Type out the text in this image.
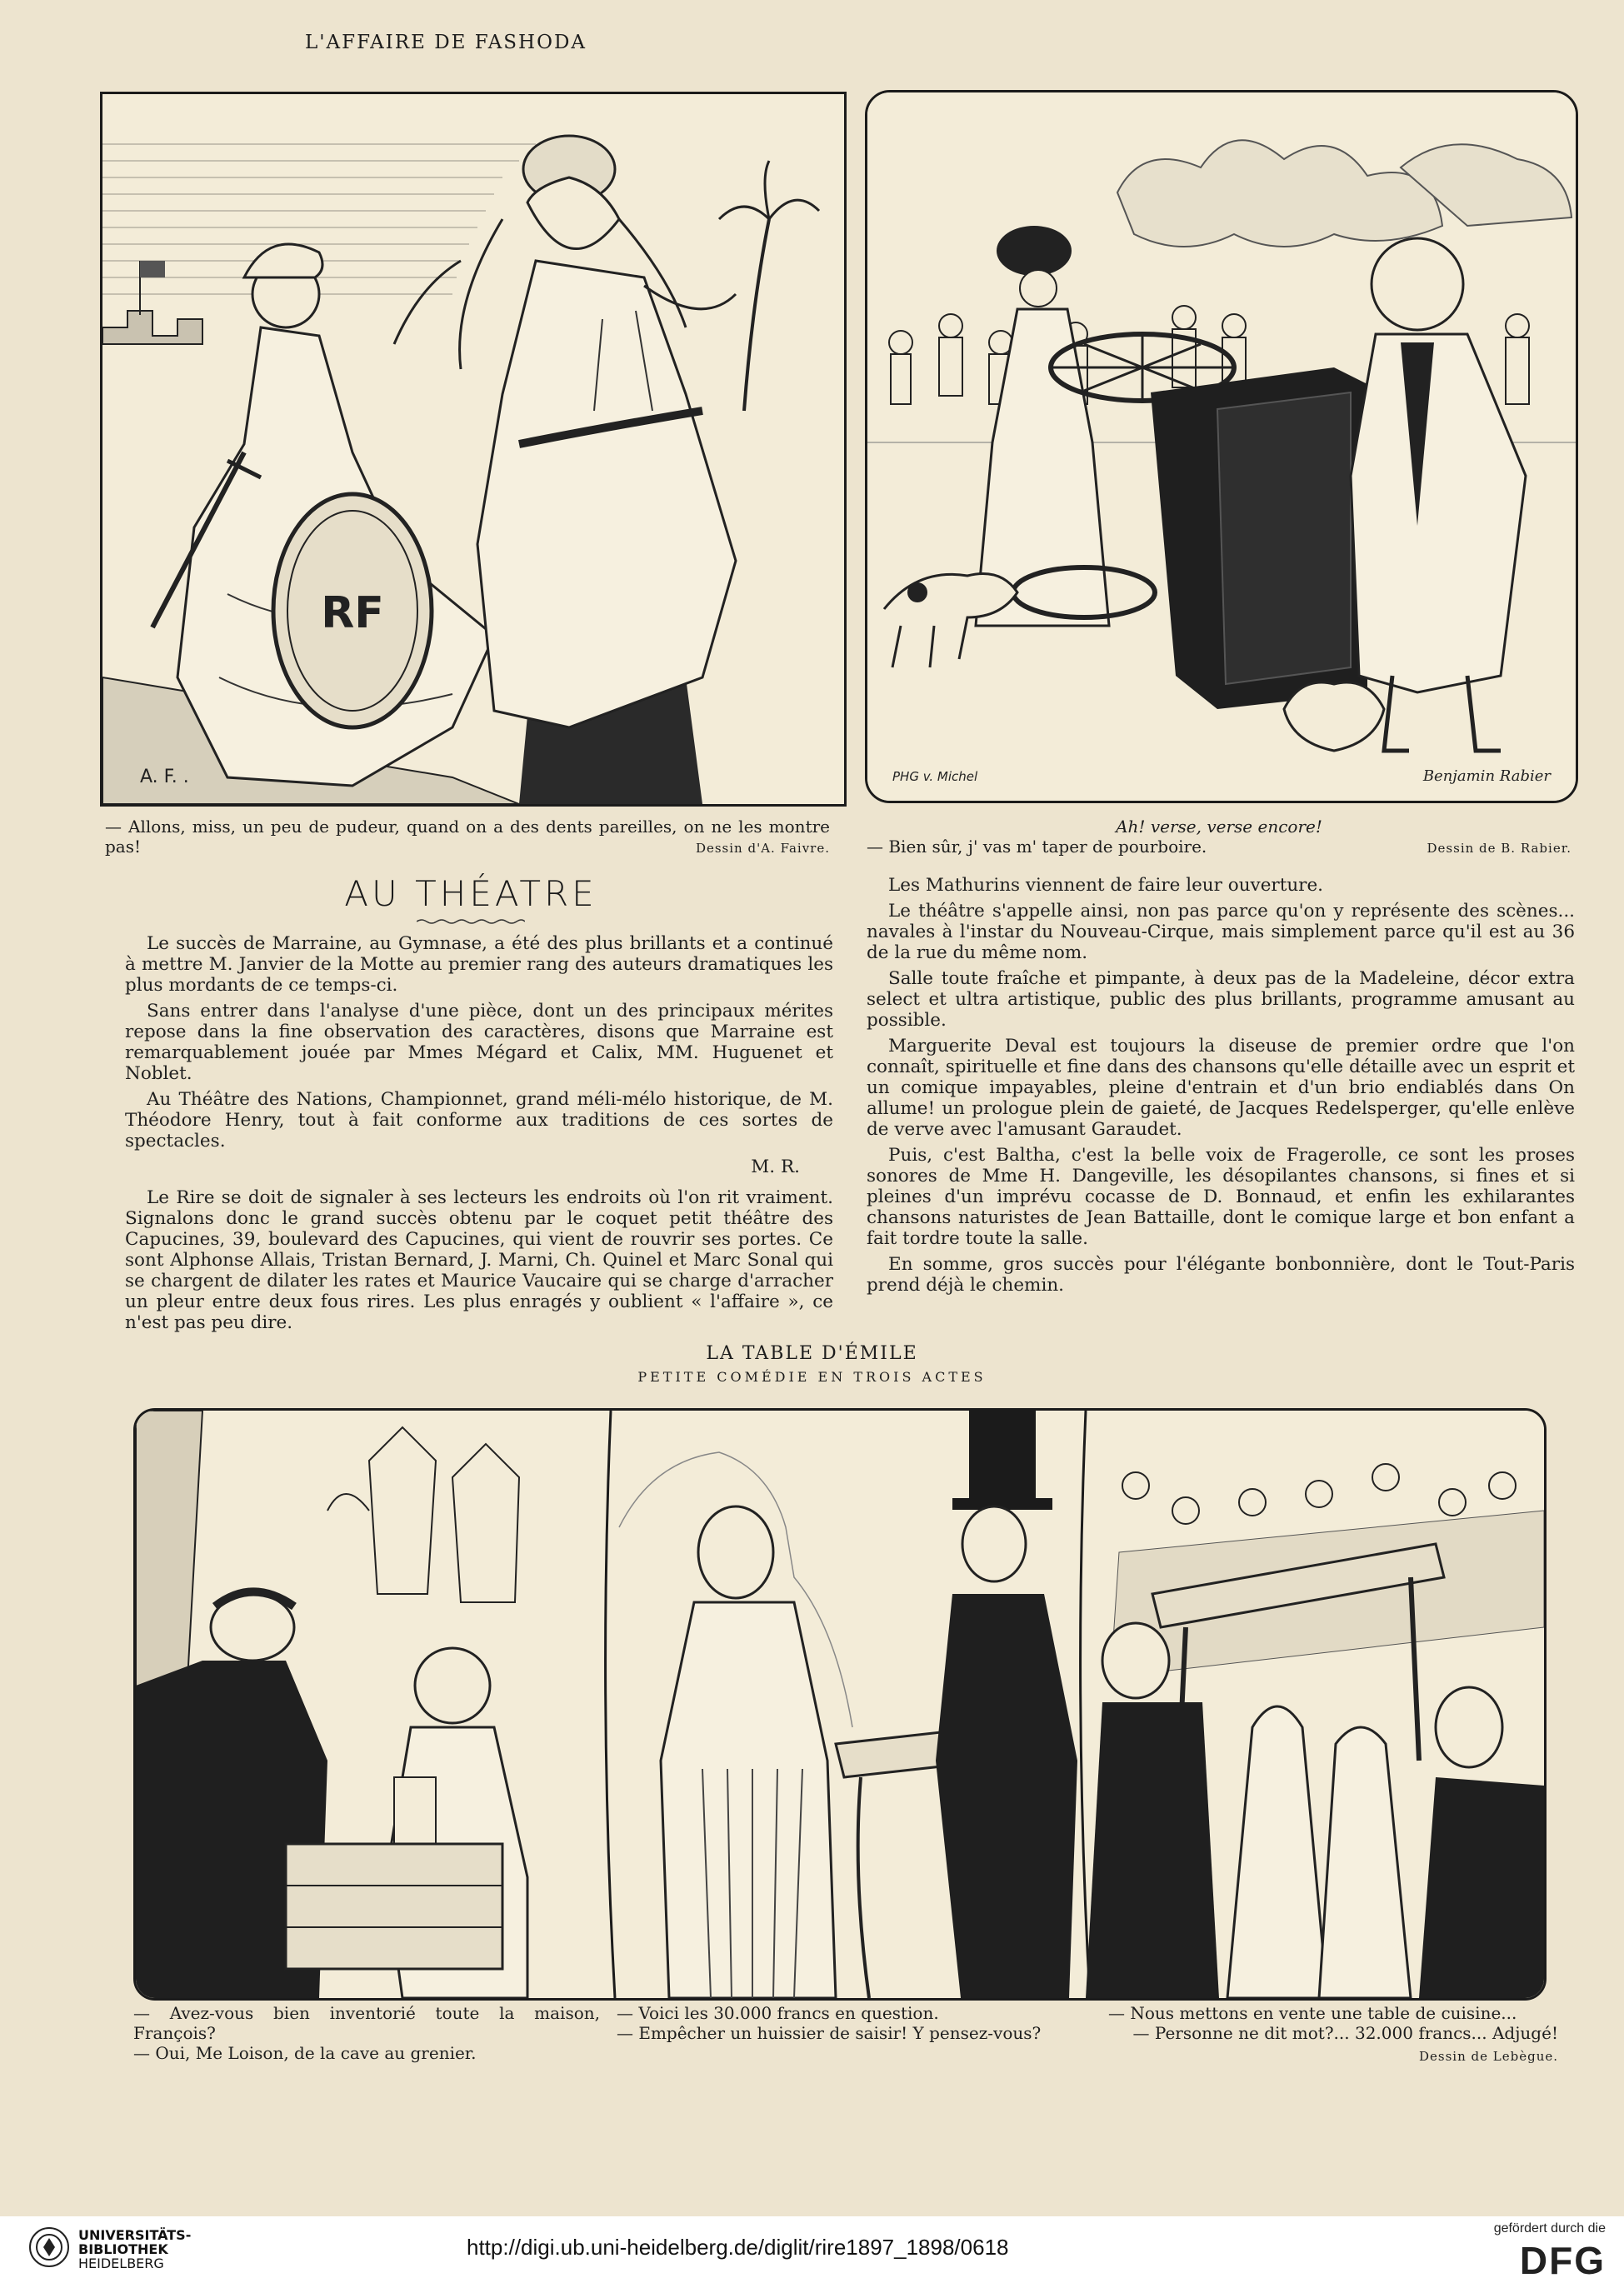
L'AFFAIRE DE FASHODA
RF
A. F. .	PHG v. Michel	Benjamin Rabier
— Allons, miss, un peu de pudeur, quand on a des dents pareilles, on ne les montre pas!	Dessin d'A. Faivre.
Ah! verse, verse encore!
— Bien sûr, j' vas m' taper de pourboire.	Dessin de B. Rabier.
AU THÉATRE

Le succès de Marraine, au Gymnase, a été des plus brillants et a continué à mettre M. Janvier de la Motte au premier rang des auteurs dramatiques les plus mordants de ce temps-ci.

Sans entrer dans l'analyse d'une pièce, dont un des principaux mérites repose dans la fine observation des caractères, disons que Marraine est remarquablement jouée par Mmes Mégard et Calix, MM. Huguenet et Noblet.

Au Théâtre des Nations, Championnet, grand méli-mélo historique, de M. Théodore Henry, tout à fait conforme aux traditions de ces sortes de spectacles.

M. R.

Le Rire se doit de signaler à ses lecteurs les endroits où l'on rit vraiment. Signalons donc le grand succès obtenu par le coquet petit théâtre des Capucines, 39, boulevard des Capucines, qui vient de rouvrir ses portes. Ce sont Alphonse Allais, Tristan Bernard, J. Marni, Ch. Quinel et Marc Sonal qui se chargent de dilater les rates et Maurice Vaucaire qui se charge d'arracher un pleur entre deux fous rires. Les plus enragés y oublient « l'affaire », ce n'est pas peu dire.

Les Mathurins viennent de faire leur ouverture.

Le théâtre s'appelle ainsi, non pas parce qu'on y représente des scènes... navales à l'instar du Nouveau-Cirque, mais simplement parce qu'il est au 36 de la rue du même nom.

Salle toute fraîche et pimpante, à deux pas de la Madeleine, décor extra select et ultra artistique, public des plus brillants, programme amusant au possible.

Marguerite Deval est toujours la diseuse de premier ordre que l'on connaît, spirituelle et fine dans des chansons qu'elle détaille avec un esprit et un comique impayables, pleine d'entrain et d'un brio endiablés dans On allume! un prologue plein de gaieté, de Jacques Redelsperger, qu'elle enlève de verve avec l'amusant Garaudet.

Puis, c'est Baltha, c'est la belle voix de Fragerolle, ce sont les proses sonores de Mme H. Dangeville, les désopilantes chansons, si fines et si pleines d'un imprévu cocasse de D. Bonnaud, et enfin les exhilarantes chansons naturistes de Jean Battaille, dont le comique large et bon enfant a fait tordre toute la salle.

En somme, gros succès pour l'élégante bonbonnière, dont le Tout-Paris prend déjà le chemin.

LA TABLE D'ÉMILE
PETITE COMÉDIE EN TROIS ACTES
— Avez-vous bien inventorié toute la maison, François?
— Oui, Me Loison, de la cave au grenier.
— Voici les 30.000 francs en question.
— Empêcher un huissier de saisir! Y pensez-vous?
— Nous mettons en vente une table de cuisine...
— Personne ne dit mot?... 32.000 francs... Adjugé!
Dessin de Lebègue.
UNIVERSITÄTS-
BIBLIOTHEK
HEIDELBERG
http://digi.ub.uni-heidelberg.de/diglit/rire1897_1898/0618
gefördert durch die
DFG
